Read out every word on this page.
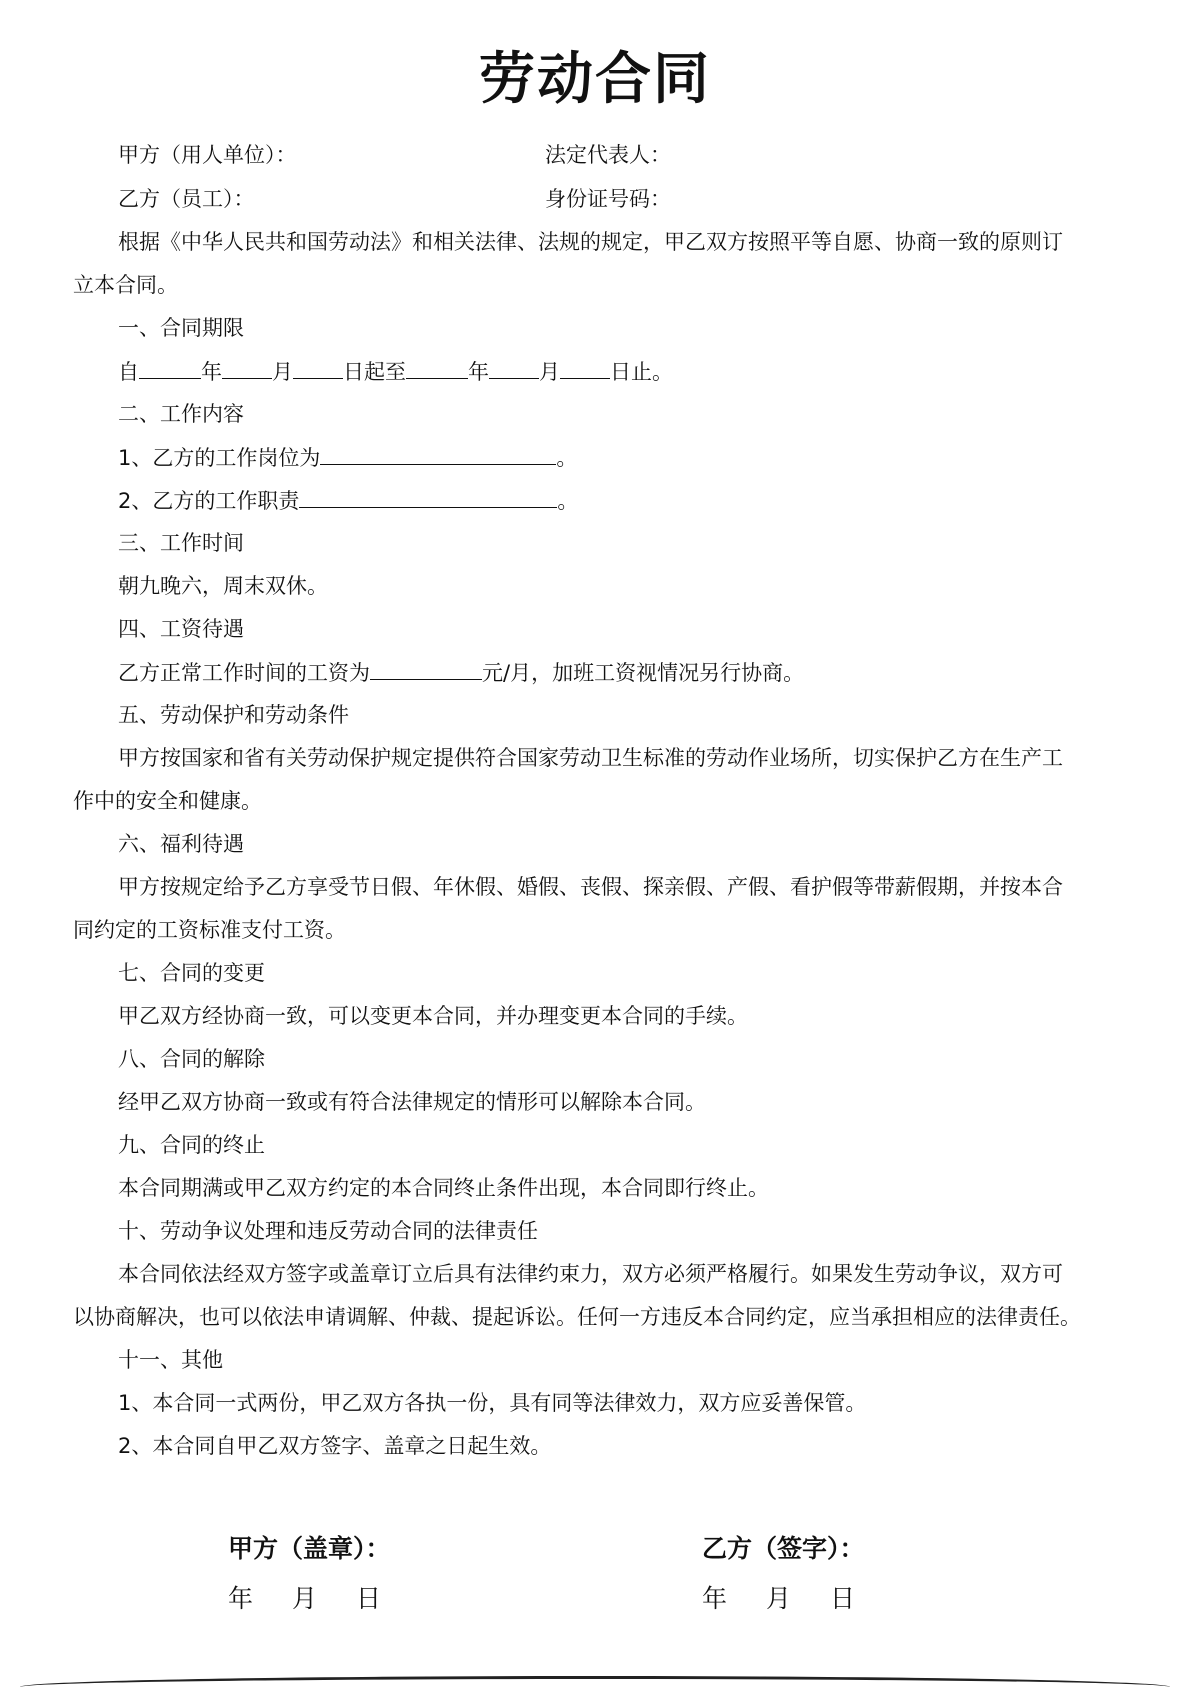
劳动合同
甲方（用人单位）：	法定代表人：
乙方（员工）：	身份证号码：
根据《中华人民共和国劳动法》和相关法律、法规的规定，甲乙双方按照平等自愿、协商一致的原则订
立本合同。
一、合同期限
自	年 月 日起至	年 月 日止。
二、工作内容
1、乙方的工作岗位为	。
2、乙方的工作职责	。
三、工作时间
朝九晚六，周末双休。
四、工资待遇
乙方正常工作时间的工资为	元/月，加班工资视情况另行协商。
五、劳动保护和劳动条件
甲方按国家和省有关劳动保护规定提供符合国家劳动卫生标准的劳动作业场所，切实保护乙方在生产工
作中的安全和健康。
六、福利待遇
甲方按规定给予乙方享受节日假、年休假、婚假、丧假、探亲假、产假、看护假等带薪假期，并按本合
同约定的工资标准支付工资。
七、合同的变更
甲乙双方经协商一致，可以变更本合同，并办理变更本合同的手续。
八、合同的解除
经甲乙双方协商一致或有符合法律规定的情形可以解除本合同。
九、合同的终止
本合同期满或甲乙双方约定的本合同终止条件出现，本合同即行终止。
十、劳动争议处理和违反劳动合同的法律责任
本合同依法经双方签字或盖章订立后具有法律约束力，双方必须严格履行。如果发生劳动争议，双方可
以协商解决，也可以依法申请调解、仲裁、提起诉讼。任何一方违反本合同约定，应当承担相应的法律责任。
十一、其他
1、本合同一式两份，甲乙双方各执一份，具有同等法律效力，双方应妥善保管。
2、本合同自甲乙双方签字、盖章之日起生效。
甲方（盖章）：	乙方（签字）：
年 月 日	年 月 日
